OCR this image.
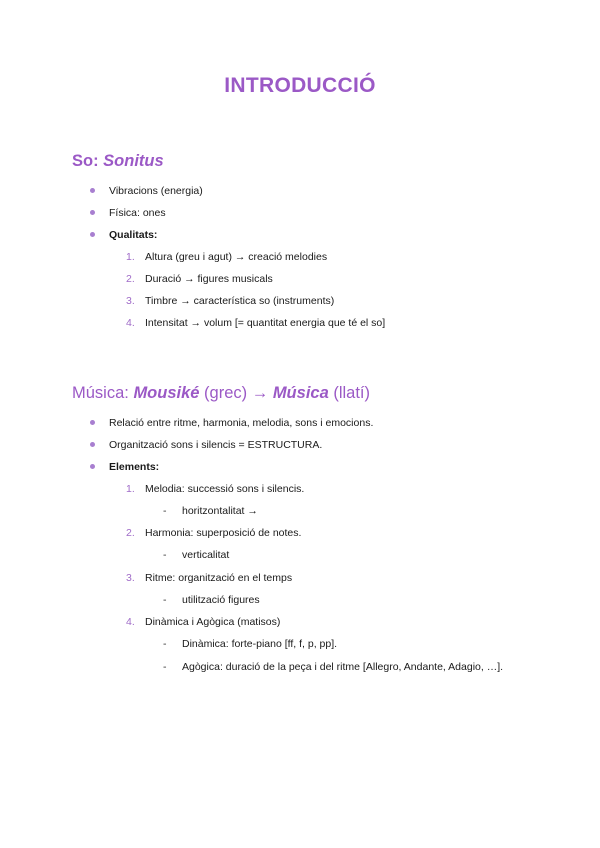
INTRODUCCIÓ
So: Sonitus
Vibracions (energia)
Física: ones
Qualitats:
1. Altura (greu i agut) → creació melodies
2. Duració → figures musicals
3. Timbre → característica so (instruments)
4. Intensitat → volum [= quantitat energia que té el so]
Música: Mousiké (grec) → Música (llatí)
Relació entre ritme, harmonia, melodia, sons i emocions.
Organització sons i silencis = ESTRUCTURA.
Elements:
1. Melodia: successió sons i silencis.
- horitzontalitat →
2. Harmonia: superposició de notes.
- verticalitat
3. Ritme: organització en el temps
- utilització figures
4. Dinàmica i Agògica (matisos)
- Dinàmica: forte-piano [ff, f, p, pp].
- Agògica: duració de la peça i del ritme [Allegro, Andante, Adagio, …].
